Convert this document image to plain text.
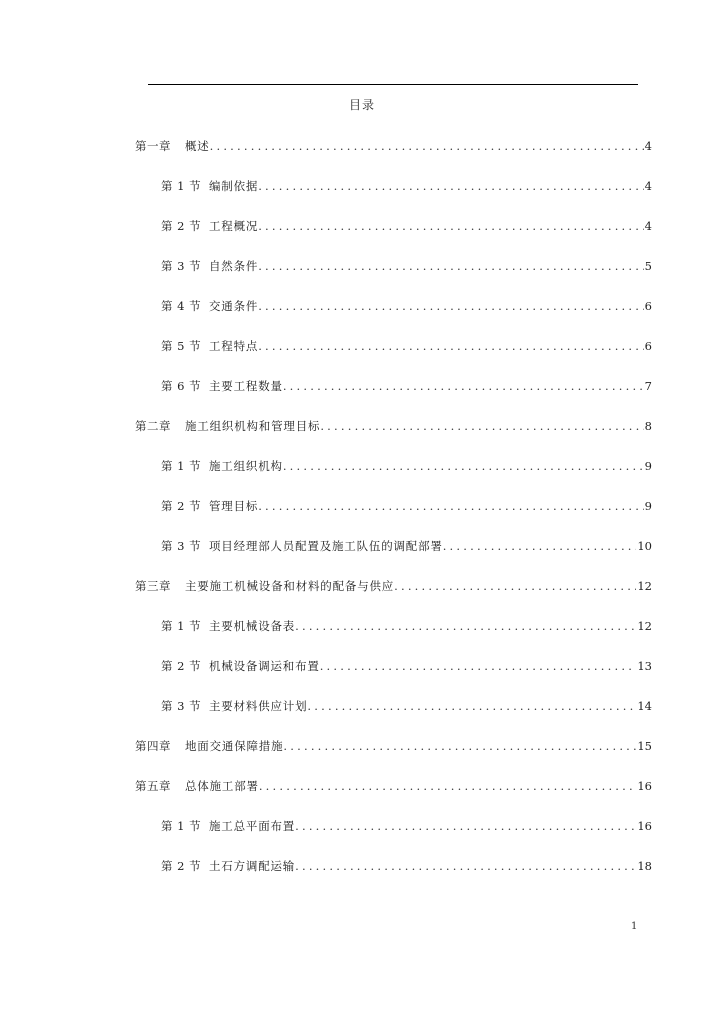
目录
第一章	概述 .....	4
第 1 节 编制依据 .....	4
第 2 节 工程概况 .....	4
第 3 节 自然条件 .....	5
第 4 节 交通条件 .....	6
第 5 节 工程特点 .....	6
第 6 节 主要工程数量 .....	7
第二章	施工组织机构和管理目标 .....	8
第 1 节 施工组织机构 .....	9
第 2 节 管理目标 .....	9
第 3 节 项目经理部人员配置及施工队伍的调配部署 .....	10
第三章	主要施工机械设备和材料的配备与供应 .....	12
第 1 节 主要机械设备表 .....	12
第 2 节 机械设备调运和布置 .....	13
第 3 节 主要材料供应计划 .....	14
第四章	地面交通保障措施 .....	15
第五章	总体施工部署 .....	16
第 1 节 施工总平面布置 .....	16
第 2 节 土石方调配运输 .....	18
1
